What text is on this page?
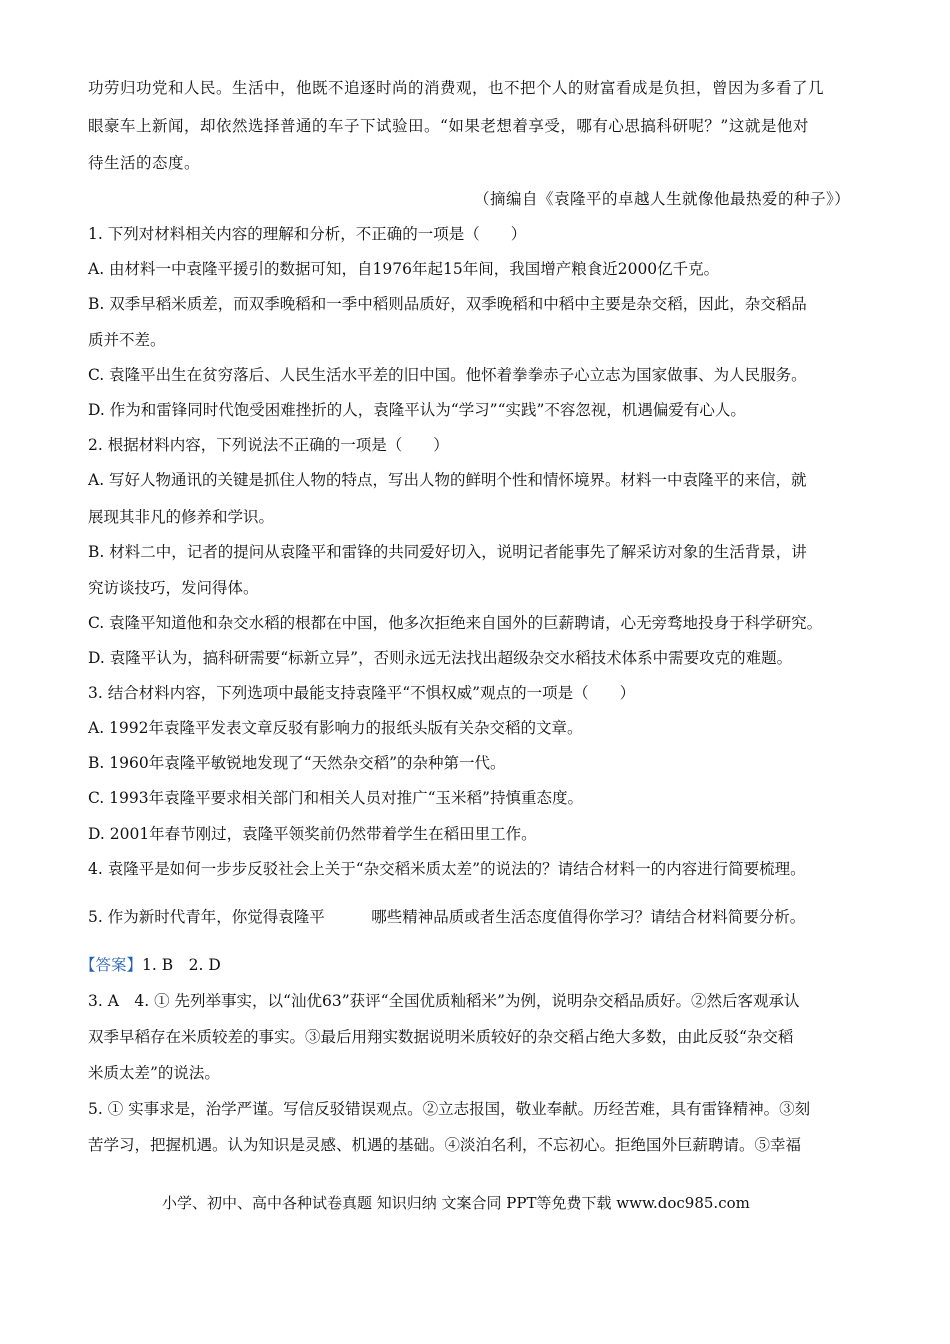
功劳归功党和人民。生活中，他既不追逐时尚的消费观，也不把个人的财富看成是负担，曾因为多看了几
眼豪车上新闻，却依然选择普通的车子下试验田。“如果老想着享受，哪有心思搞科研呢？”这就是他对
待生活的态度。
（摘编自《袁隆平的卓越人生就像他最热爱的种子》）
1. 下列对材料相关内容的理解和分析，不正确的一项是（　　）
A. 由材料一中袁隆平援引的数据可知，自1976年起15年间，我国增产粮食近2000亿千克。
B. 双季早稻米质差，而双季晚稻和一季中稻则品质好，双季晚稻和中稻中主要是杂交稻，因此，杂交稻品
质并不差。
C. 袁隆平出生在贫穷落后、人民生活水平差的旧中国。他怀着拳拳赤子心立志为国家做事、为人民服务。
D. 作为和雷锋同时代饱受困难挫折的人，袁隆平认为“学习”“实践”不容忽视，机遇偏爱有心人。
2. 根据材料内容，下列说法不正确的一项是（　　）
A. 写好人物通讯的关键是抓住人物的特点，写出人物的鲜明个性和情怀境界。材料一中袁隆平的来信，就
展现其非凡的修养和学识。
B. 材料二中，记者的提问从袁隆平和雷锋的共同爱好切入，说明记者能事先了解采访对象的生活背景，讲
究访谈技巧，发问得体。
C. 袁隆平知道他和杂交水稻的根都在中国，他多次拒绝来自国外的巨薪聘请，心无旁骛地投身于科学研究。
D. 袁隆平认为，搞科研需要“标新立异”，否则永远无法找出超级杂交水稻技术体系中需要攻克的难题。
3. 结合材料内容，下列选项中最能支持袁隆平“不惧权威”观点的一项是（　　）
A. 1992年袁隆平发表文章反驳有影响力的报纸头版有关杂交稻的文章。
B. 1960年袁隆平敏锐地发现了“天然杂交稻”的杂种第一代。
C. 1993年袁隆平要求相关部门和相关人员对推广“玉米稻”持慎重态度。
D. 2001年春节刚过，袁隆平领奖前仍然带着学生在稻田里工作。
4. 袁隆平是如何一步步反驳社会上关于“杂交稻米质太差”的说法的？请结合材料一的内容进行简要梳理。
5. 作为新时代青年，你觉得袁隆平　　　哪些精神品质或者生活态度值得你学习？请结合材料简要分析。
【答案】1. B　2. D
3. A　4. ① 先列举事实，以“汕优63”获评“全国优质籼稻米”为例，说明杂交稻品质好。②然后客观承认
双季早稻存在米质较差的事实。③最后用翔实数据说明米质较好的杂交稻占绝大多数，由此反驳“杂交稻
米质太差”的说法。
5. ① 实事求是，治学严谨。写信反驳错误观点。②立志报国，敬业奉献。历经苦难，具有雷锋精神。③刻
苦学习，把握机遇。认为知识是灵感、机遇的基础。④淡泊名利，不忘初心。拒绝国外巨薪聘请。⑤幸福
小学、初中、高中各种试卷真题 知识归纳 文案合同 PPT等免费下载 www.doc985.com
